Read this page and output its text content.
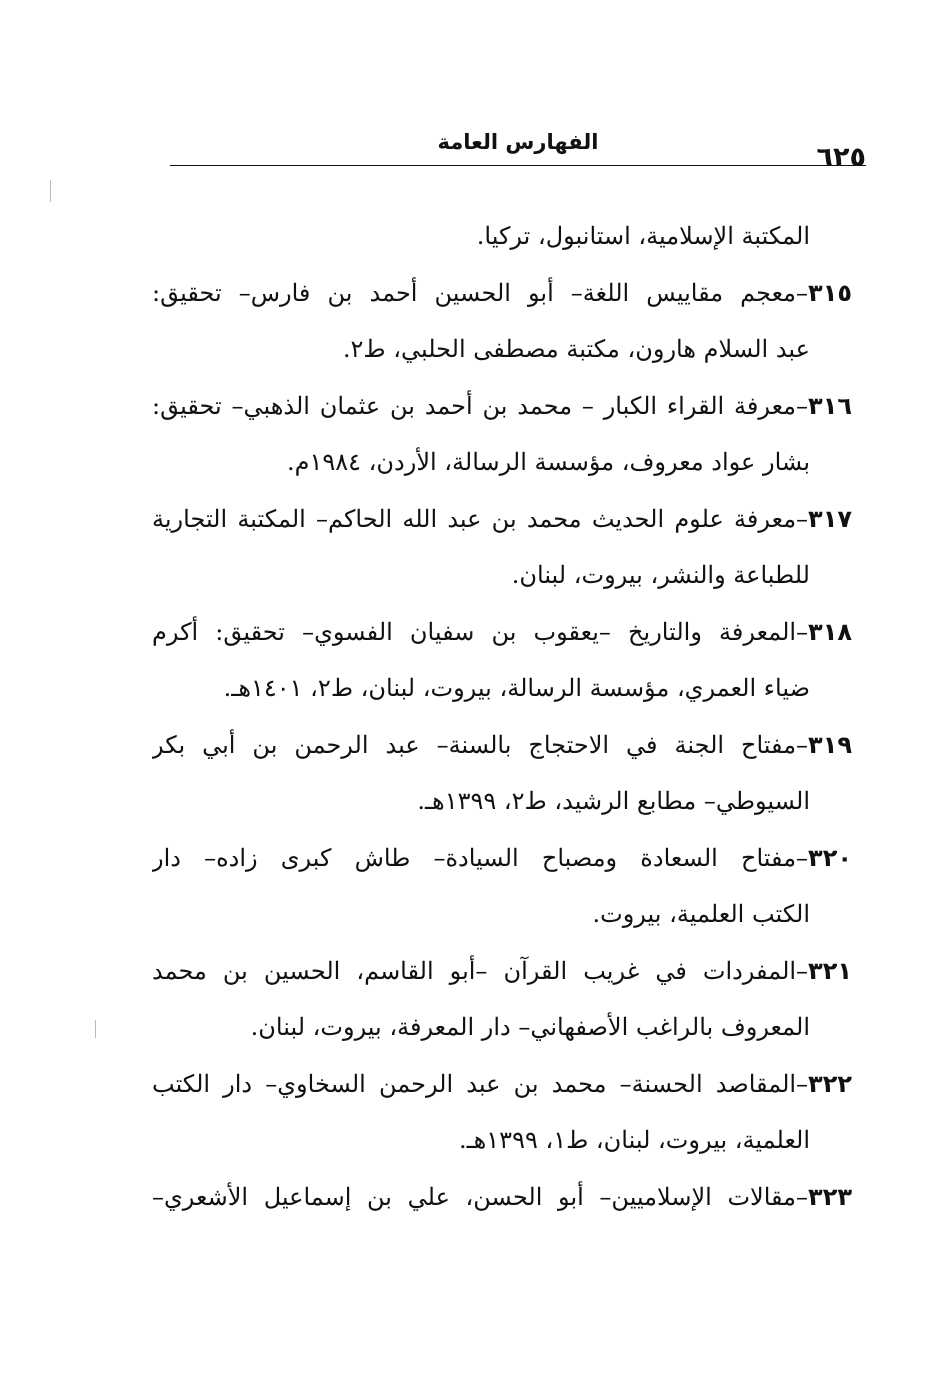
٦٢٥
الفهارس العامة
المكتبة الإسلامية، استانبول، تركيا.
٣١٥–معجم مقاييس اللغة– أبو الحسين أحمد بن فارس– تحقيق:
عبد السلام هارون، مكتبة مصطفى الحلبي، ط٢.
٣١٦–معرفة القراء الكبار – محمد بن أحمد بن عثمان الذهبي– تحقيق:
بشار عواد معروف، مؤسسة الرسالة، الأردن، ١٩٨٤م.
٣١٧–معرفة علوم الحديث محمد بن عبد الله الحاكم– المكتبة التجارية
للطباعة والنشر، بيروت، لبنان.
٣١٨–المعرفة والتاريخ –يعقوب بن سفيان الفسوي– تحقيق: أكرم
ضياء العمري، مؤسسة الرسالة، بيروت، لبنان، ط٢، ١٤٠١هـ.
٣١٩–مفتاح الجنة في الاحتجاج بالسنة– عبد الرحمن بن أبي بكر
السيوطي– مطابع الرشيد، ط٢، ١٣٩٩هـ.
٣٢٠–مفتاح السعادة ومصباح السيادة– طاش كبرى زاده– دار
الكتب العلمية، بيروت.
٣٢١–المفردات في غريب القرآن –أبو القاسم، الحسين بن محمد
المعروف بالراغب الأصفهاني– دار المعرفة، بيروت، لبنان.
٣٢٢–المقاصد الحسنة– محمد بن عبد الرحمن السخاوي– دار الكتب
العلمية، بيروت، لبنان، ط١، ١٣٩٩هـ.
٣٢٣–مقالات الإسلاميين– أبو الحسن، علي بن إسماعيل الأشعري–
